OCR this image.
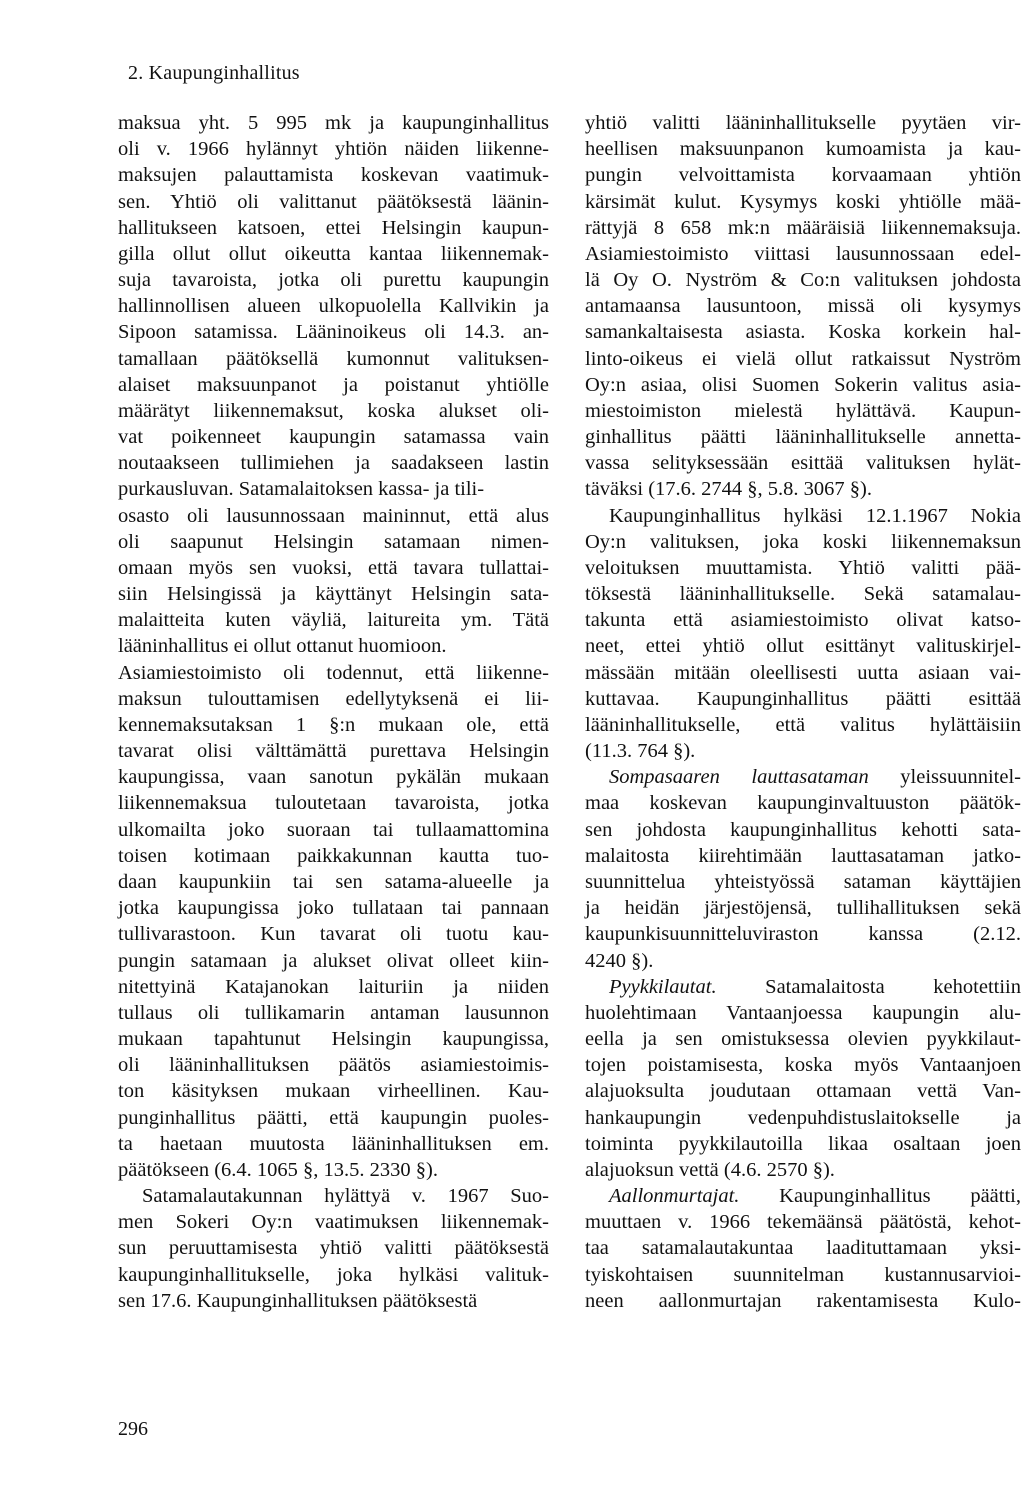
2. Kaupunginhallitus
maksua yht. 5 995 mk ja kaupunginhallitus
oli v. 1966 hylännyt yhtiön näiden liikenne-
maksujen palauttamista koskevan vaatimuk-
sen. Yhtiö oli valittanut päätöksestä läänin-
hallitukseen katsoen, ettei Helsingin kaupun-
gilla ollut ollut oikeutta kantaa liikennemak-
suja tavaroista, jotka oli purettu kaupungin
hallinnollisen alueen ulkopuolella Kallvikin ja
Sipoon satamissa. Lääninoikeus oli 14.3. an-
tamallaan päätöksellä kumonnut valituksen-
alaiset maksuunpanot ja poistanut yhtiölle
määrätyt liikennemaksut, koska alukset oli-
vat poikenneet kaupungin satamassa vain
noutaakseen tullimiehen ja saadakseen lastin
purkausluvan. Satamalaitoksen kassa- ja tili-
osasto oli lausunnossaan maininnut, että alus
oli saapunut Helsingin satamaan nimen-
omaan myös sen vuoksi, että tavara tullattai-
siin Helsingissä ja käyttänyt Helsingin sata-
malaitteita kuten väyliä, laitureita ym. Tätä
lääninhallitus ei ollut ottanut huomioon.
Asiamiestoimisto oli todennut, että liikenne-
maksun tulouttamisen edellytyksenä ei lii-
kennemaksutaksan 1 §:n mukaan ole, että
tavarat olisi välttämättä purettava Helsingin
kaupungissa, vaan sanotun pykälän mukaan
liikennemaksua tuloutetaan tavaroista, jotka
ulkomailta joko suoraan tai tullaamattomina
toisen kotimaan paikkakunnan kautta tuo-
daan kaupunkiin tai sen satama-alueelle ja
jotka kaupungissa joko tullataan tai pannaan
tullivarastoon. Kun tavarat oli tuotu kau-
pungin satamaan ja alukset olivat olleet kiin-
nitettyinä Katajanokan laituriin ja niiden
tullaus oli tullikamarin antaman lausunnon
mukaan tapahtunut Helsingin kaupungissa,
oli lääninhallituksen päätös asiamiestoimis-
ton käsityksen mukaan virheellinen. Kau-
punginhallitus päätti, että kaupungin puoles-
ta haetaan muutosta lääninhallituksen em.
päätökseen (6.4. 1065 §, 13.5. 2330 §).
Satamalautakunnan hylättyä v. 1967 Suo-
men Sokeri Oy:n vaatimuksen liikennemak-
sun peruuttamisesta yhtiö valitti päätöksestä
kaupunginhallitukselle, joka hylkäsi valituk-
sen 17.6. Kaupunginhallituksen päätöksestä
yhtiö valitti lääninhallitukselle pyytäen vir-
heellisen maksuunpanon kumoamista ja kau-
pungin velvoittamista korvaamaan yhtiön
kärsimät kulut. Kysymys koski yhtiölle mää-
rättyjä 8 658 mk:n määräisiä liikennemaksuja.
Asiamiestoimisto viittasi lausunnossaan edel-
lä Oy O. Nyström & Co:n valituksen johdosta
antamaansa lausuntoon, missä oli kysymys
samankaltaisesta asiasta. Koska korkein hal-
linto-oikeus ei vielä ollut ratkaissut Nyström
Oy:n asiaa, olisi Suomen Sokerin valitus asia-
miestoimiston mielestä hylättävä. Kaupun-
ginhallitus päätti lääninhallitukselle annetta-
vassa selityksessään esittää valituksen hylät-
täväksi (17.6. 2744 §, 5.8. 3067 §).
Kaupunginhallitus hylkäsi 12.1.1967 Nokia
Oy:n valituksen, joka koski liikennemaksun
veloituksen muuttamista. Yhtiö valitti pää-
töksestä lääninhallitukselle. Sekä satamalau-
takunta että asiamiestoimisto olivat katso-
neet, ettei yhtiö ollut esittänyt valituskirjel-
mässään mitään oleellisesti uutta asiaan vai-
kuttavaa. Kaupunginhallitus päätti esittää
lääninhallitukselle, että valitus hylättäisiin
(11.3. 764 §).
Sompasaaren lauttasataman yleissuunnitel-
maa koskevan kaupunginvaltuuston päätök-
sen johdosta kaupunginhallitus kehotti sata-
malaitosta kiirehtimään lauttasataman jatko-
suunnittelua yhteistyössä sataman käyttäjien
ja heidän järjestöjensä, tullihallituksen sekä
kaupunkisuunnitteluviraston kanssa (2.12.
4240 §).
Pyykkilautat. Satamalaitosta kehotettiin
huolehtimaan Vantaanjoessa kaupungin alu-
eella ja sen omistuksessa olevien pyykkilaut-
tojen poistamisesta, koska myös Vantaanjoen
alajuoksulta joudutaan ottamaan vettä Van-
hankaupungin vedenpuhdistuslaitokselle ja
toiminta pyykkilautoilla likaa osaltaan joen
alajuoksun vettä (4.6. 2570 §).
Aallonmurtajat. Kaupunginhallitus päätti,
muuttaen v. 1966 tekemäänsä päätöstä, kehot-
taa satamalautakuntaa laadituttamaan yksi-
tyiskohtaisen suunnitelman kustannusarvioi-
neen aallonmurtajan rakentamisesta Kulo-
296
